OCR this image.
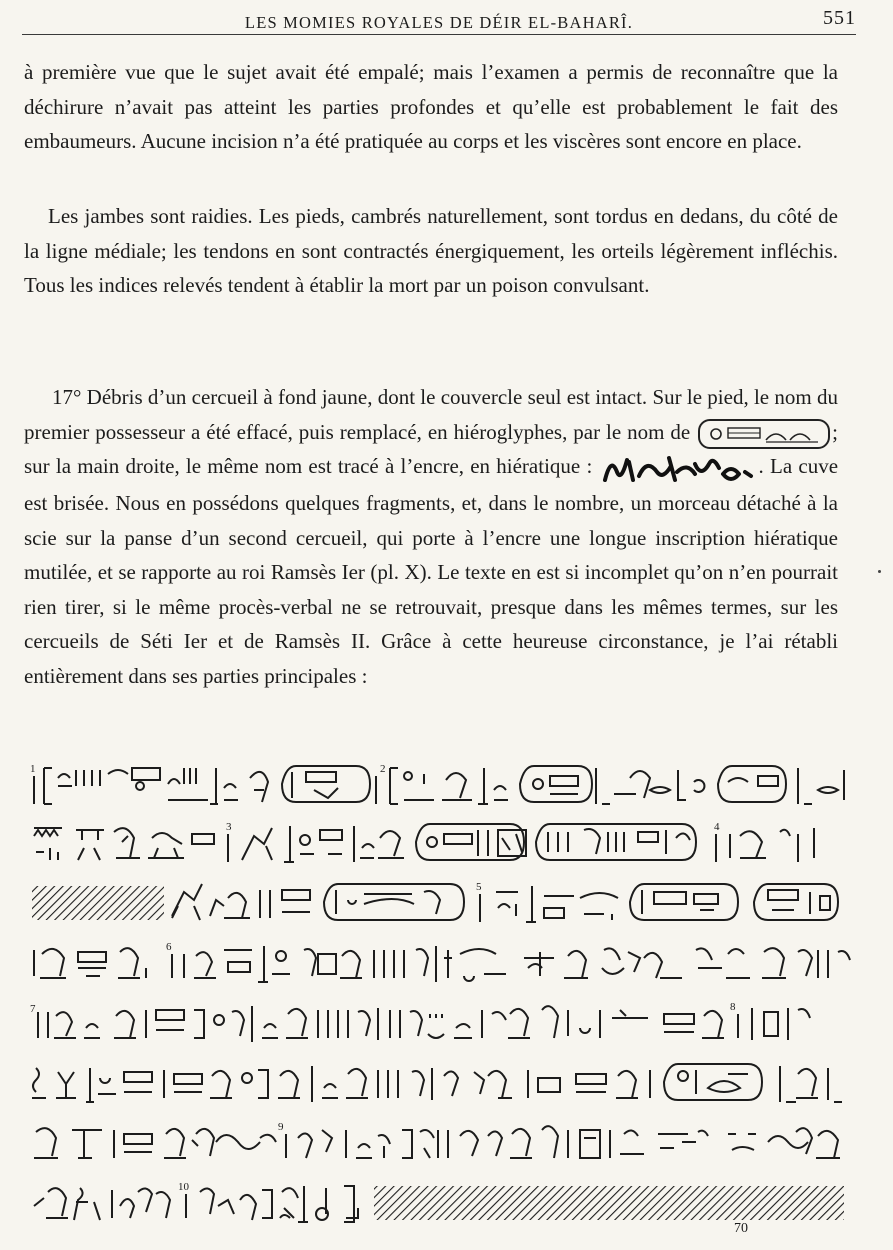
LES MOMIES ROYALES DE DÉIR EL-BAHARÎ.	551

à première vue que le sujet avait été empalé; mais l’examen a permis de reconnaître que la déchirure n’avait pas atteint les parties profondes et qu’elle est probablement le fait des embaumeurs. Aucune incision n’a été pratiquée au corps et les viscères sont encore en place.

Les jambes sont raidies. Les pieds, cambrés naturellement, sont tordus en dedans, du côté de la ligne médiale; les tendons en sont contractés énergiquement, les orteils légèrement infléchis. Tous les indices relevés tendent à établir la mort par un poison convulsant.

17° Débris d’un cercueil à fond jaune, dont le couvercle seul est intact. Sur le pied, le nom du premier possesseur a été effacé, puis remplacé, en hiéroglyphes, par le nom de	; sur la main droite, le même nom est tracé à l’encre, en hiératique :	. La cuve est brisée. Nous en possédons quelques fragments, et, dans le nombre, un morceau détaché à la scie sur la panse d’un second cercueil, qui porte à l’encre une longue inscription hiératique mutilée, et se rapporte au roi Ramsès Ier (pl. X). Le texte en est si incomplet qu’on n’en pourrait rien tirer, si le même procès-verbal ne se retrouvait, presque dans les mêmes termes, sur les cercueils de Séti Ier et de Ramsès II. Grâce à cette heureuse circonstance, je l’ai rétabli entièrement dans ses parties principales :

1	2
3	4
5
6
7	8
9
10
70
